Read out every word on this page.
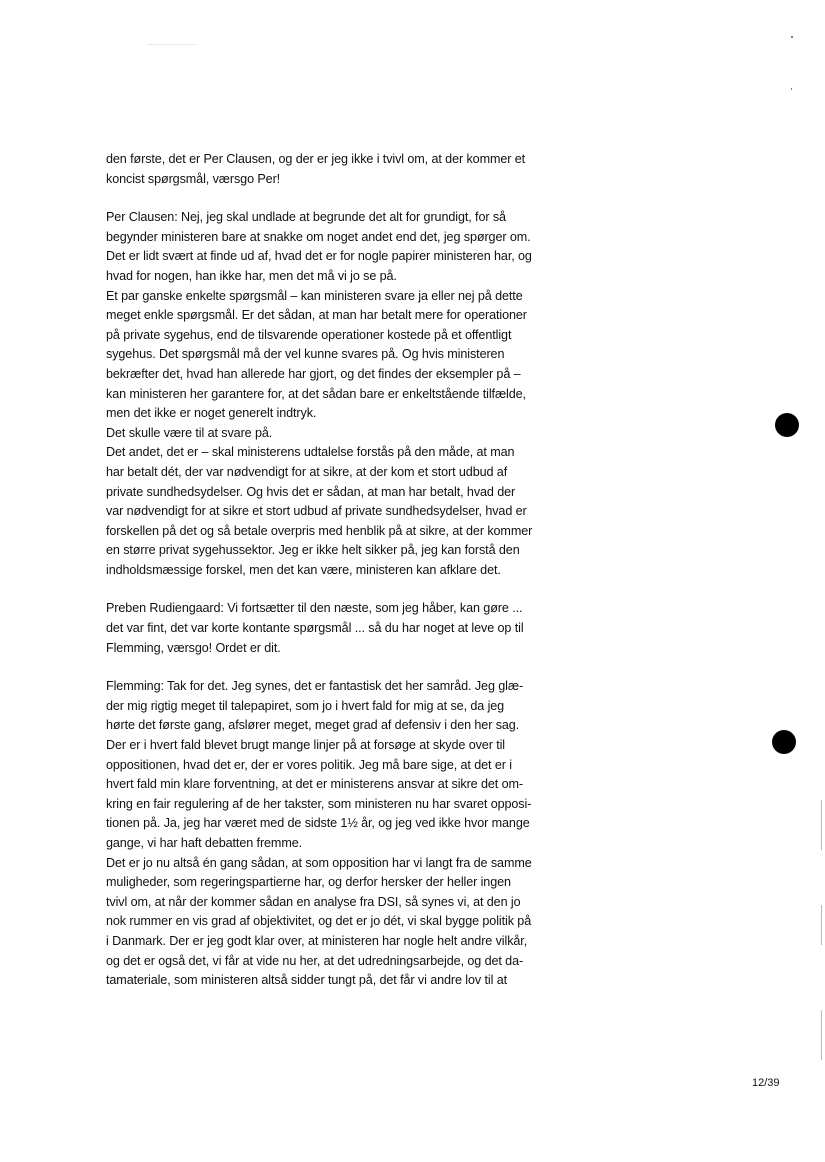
den første, det er Per Clausen, og der er jeg ikke i tvivl om, at der kommer et
koncist spørgsmål, værsgo Per!
Per Clausen: Nej, jeg skal undlade at begrunde det alt for grundigt, for så
begynder ministeren bare at snakke om noget andet end det, jeg spørger om.
Det er lidt svært at finde ud af, hvad det er for nogle papirer ministeren har, og
hvad for nogen, han ikke har, men det må vi jo se på.
Et par ganske enkelte spørgsmål – kan ministeren svare ja eller nej på dette
meget enkle spørgsmål. Er det sådan, at man har betalt mere for operationer
på private sygehus, end de tilsvarende operationer kostede på et offentligt
sygehus. Det spørgsmål må der vel kunne svares på. Og hvis ministeren
bekræfter det, hvad han allerede har gjort, og det findes der eksempler på –
kan ministeren her garantere for, at det sådan bare er enkeltstående tilfælde,
men det ikke er noget generelt indtryk.
Det skulle være til at svare på.
Det andet, det er – skal ministerens udtalelse forstås på den måde, at man
har betalt dét, der var nødvendigt for at sikre, at der kom et stort udbud af
private sundhedsydelser. Og hvis det er sådan, at man har betalt, hvad der
var nødvendigt for at sikre et stort udbud af private sundhedsydelser, hvad er
forskellen på det og så betale overpris med henblik på at sikre, at der kommer
en større privat sygehussektor. Jeg er ikke helt sikker på, jeg kan forstå den
indholdsmæssige forskel, men det kan være, ministeren kan afklare det.
Preben Rudiengaard: Vi fortsætter til den næste, som jeg håber, kan gøre ...
det var fint, det var korte kontante spørgsmål ... så du har noget at leve op til
Flemming, værsgo! Ordet er dit.
Flemming: Tak for det. Jeg synes, det er fantastisk det her samråd. Jeg glæ-
der mig rigtig meget til talepapiret, som jo i hvert fald for mig at se, da jeg
hørte det første gang, afslører meget, meget grad af defensiv i den her sag.
Der er i hvert fald blevet brugt mange linjer på at forsøge at skyde over til
oppositionen, hvad det er, der er vores politik. Jeg må bare sige, at det er i
hvert fald min klare forventning, at det er ministerens ansvar at sikre det om-
kring en fair regulering af de her takster, som ministeren nu har svaret opposi-
tionen på. Ja, jeg har været med de sidste 1½ år, og jeg ved ikke hvor mange
gange, vi har haft debatten fremme.
Det er jo nu altså én gang sådan, at som opposition har vi langt fra de samme
muligheder, som regeringspartierne har, og derfor hersker der heller ingen
tvivl om, at når der kommer sådan en analyse fra DSI, så synes vi, at den jo
nok rummer en vis grad af objektivitet, og det er jo dét, vi skal bygge politik på
i Danmark. Der er jeg godt klar over, at ministeren har nogle helt andre vilkår,
og det er også det, vi får at vide nu her, at det udredningsarbejde, og det da-
tamateriale, som ministeren altså sidder tungt på, det får vi andre lov til at
12/39
